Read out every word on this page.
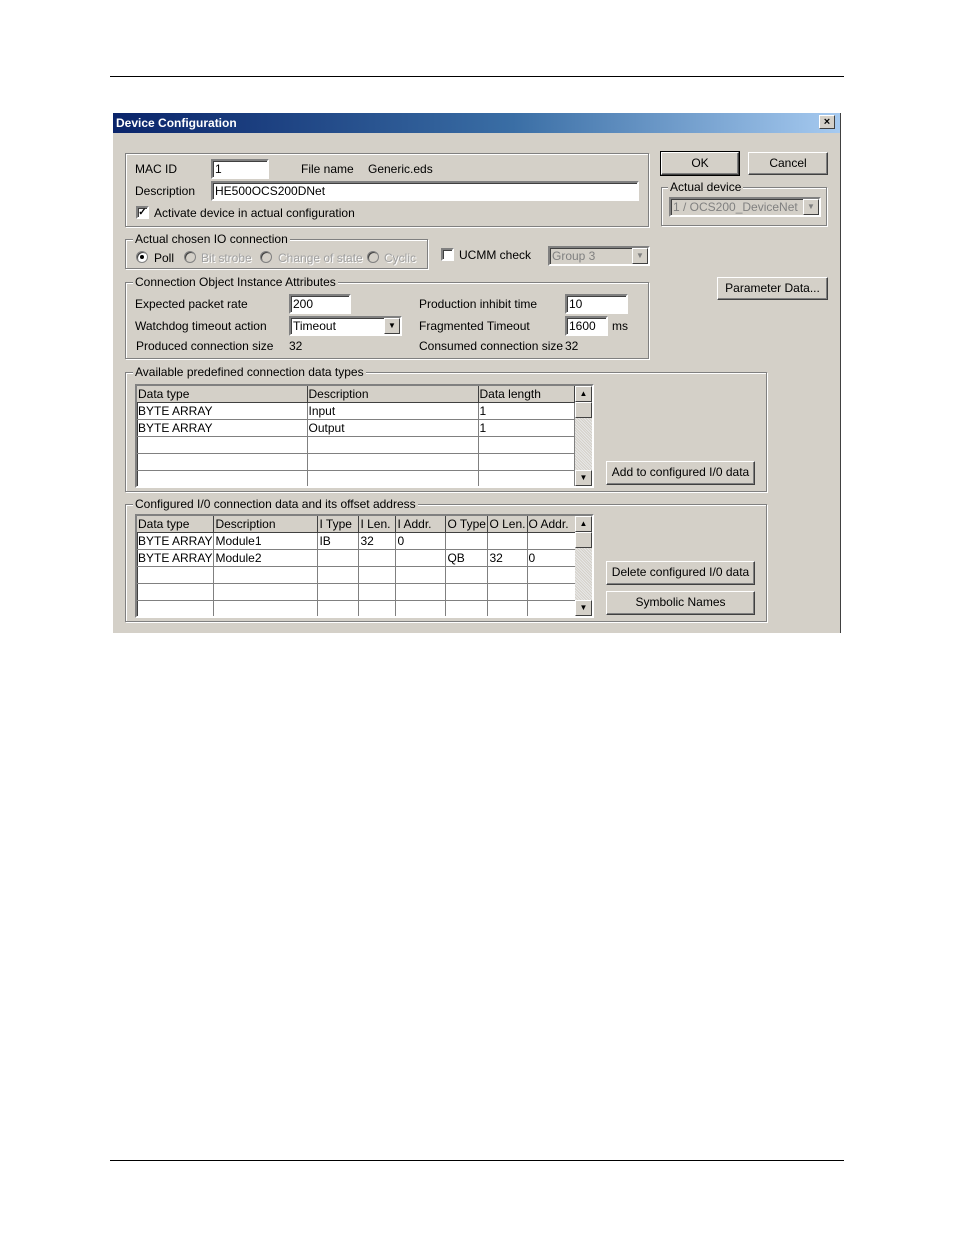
Device Configuration	×
MAC ID	1	File name Generic.eds
Description	HE500OCS200DNet
✓ Activate device in actual configuration
OK	Cancel
Actual device
1 / OCS200_DeviceNet	▼
Actual chosen IO connection
Poll Bit strobe Change of state Cyclic	UCMM check	Group 3	▼
Connection Object Instance Attributes
Expected packet rate	200	Production inhibit time	10
Watchdog timeout action	Timeout	▼	Fragmented Timeout	1600	ms
Produced connection size 32	Consumed connection size 32
Parameter Data...
Available predefined connection data types
Data type	Description	Data length
BYTE ARRAY	Input	1
BYTE ARRAY	Output	1

▲
▼	Add to configured I/0 data
Configured I/0 connection data and its offset address
Data type	Description	I Type	I Len.	I Addr.	O Type	O Len.	O Addr.
BYTE ARRAY	Module1	IB	32	0			
BYTE ARRAY	Module2				QB	32	0

▲
▼
Delete configured I/0 data
Symbolic Names
